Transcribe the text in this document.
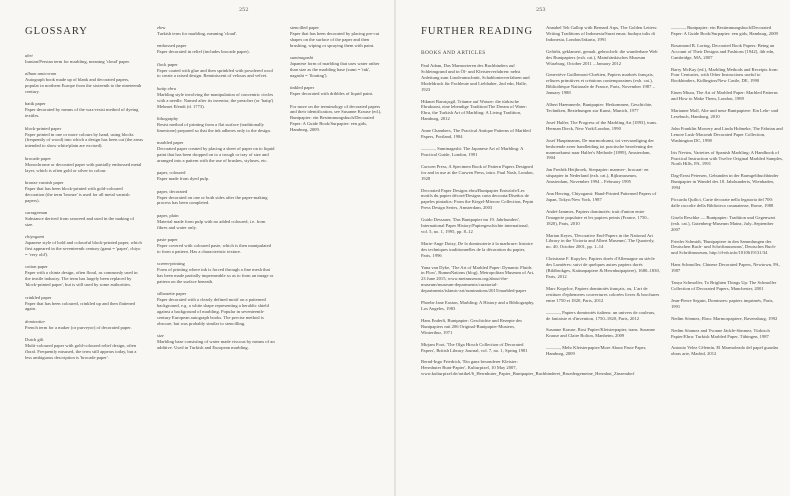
252
GLOSSARY
abri
Iranian/Persian term for marbling, meaning 'cloud' paper.
album amicorum
Autograph book made up of blank and decorated papers, popular in northern Europe from the sixteenth to the nineteenth century.
batik paper
Paper decorated by means of the wax-resist method of dyeing textiles.
block-printed paper
Paper printed in one or more colours by hand, using blocks (frequently of wood) into which a design has been cut (the areas intended to show white/plain are excised).
brocade paper
Monochrome or decorated paper with partially embossed metal layer, which is often gold or silver in colour.
bronze varnish paper
Paper that has been block-printed with gold-coloured decoration (the term 'bronze' is used for all metal varnish papers).
carrageenan
Substance derived from seaweed and used in the making of size.
chiyogami
Japanese style of bold and colourful block-printed paper, which first appeared in the seventeenth century (gami = 'paper', chiyo = 'very old').
cotton paper
Paper with a chintz design, often floral, as commonly used in the textile industry. The term has largely been replaced by 'block-printed paper', but is still used by some authorities.
crinkled paper
Paper that has been coloured, crinkled up and then flattened again.
dominotier
French term for a maker (or purveyor) of decorated paper.
Dutch gilt
Multi-coloured paper with gold-coloured relief design, often floral. Frequently misused, the term still appears today, but a less ambiguous description is 'brocade paper'.
ebru
Turkish term for marbling, meaning 'cloud'.
embossed paper
Paper decorated in relief (includes brocade paper).
flock paper
Paper coated with glue and then sprinkled with powdered wool to create a raised design. Reminiscent of velours and velvet.
hatip ebru
Marbling style involving the manipulation of concentric circles with a needle. Named after its inventor, the preacher (or 'hatip') Mehmet Efendi (d. 1773).
lithography
Resist method of printing from a flat surface (traditionally limestone) prepared so that the ink adheres only to the design.
marbled paper
Decorated paper created by placing a sheet of paper on to liquid paint that has been dropped on to a trough or tray of size and arranged into a pattern with the use of brushes, styluses, etc.
paper, coloured
Paper made from dyed pulp.
paper, decorated
Paper decorated on one or both sides after the paper-making process has been completed.
paper, plain
Material made from pulp with no added coloured, i.e. from fibres and water only.
paste paper
Paper covered with coloured paste, which is then manipulated to form a pattern. Has a characteristic texture.
screen-printing
Form of printing where ink is forced through a fine mesh that has been made partially impermeable so as to form an image or pattern on the surface beneath.
silhouette paper
Paper decorated with a clearly defined motif on a patterned background, e.g. a white shape representing a heraldic shield against a background of marbling. Popular in seventeenth-century European autograph books. The precise method is obscure, but was probably similar to stencilling.
size
Marbling base consisting of water made viscous by means of an additive. Used in Turkish and European marbling.
stencilled paper
Paper that has been decorated by placing pre-cut shapes on the surface of the paper and then brushing, wiping or spraying them with paint.
suminagashi
Japanese form of marbling that uses water rather than size as the marbling base (sumi = 'ink', nagashi = 'floating').
tinkled paper
Paper decorated with dribbles of liquid paint.
For more on the terminology of decorated papers and their identification, see Susanne Krause (ed.), Buntpapier: ein Bestimmungsbuch/Decorated Paper: A Guide Book/Surpapier: een gids, Hamburg, 2009.
253
FURTHER READING
BOOKS AND ARTICLES
Paul Adam, Das Marmorieren des Buchbinders auf Schleimgrund und in Öl- und Kleisterverfahren: nebst Anleitung zum Linoleumschnitt, Schablonierverfahren und Modeldruck für Fachleute und Liebhaber, 2nd edn, Halle, 1923
Hikmet Barutçugil, Träume auf Wasser: die türkische Ebrukunst, eine lebendige Tradition/The Dream of Water: Ebru, the Turkish Art of Marbling: A Living Tradition, Hamburg, 2012
Anne Chambers, The Practical Antique Patterns of Marbled Papers, Portland, 1984
———, Suminagashi: The Japanese Art of Marbling: A Practical Guide, London, 1991
Curwen Press, A Specimen Book of Pattern Papers Designed for and in use at the Curwen Press, intro. Paul Nash, London, 1928
Decorated Paper Designs ebru/Buntpapier Entwürfe/Les motifs du papier décoré/Designs carta decorata/Diseños de papeles pintados: From the Kiegel-Mierow Collection, Pepin Press Design Series, Amsterdam, 2003
Guido Dessauer, 'Das Buntpapier im 19. Jahrhundert', International Paper History/Papiergeschichte international, vol. 5, no. 1, 1995, pp. 8–12
Marie-Ange Doizy, De la dominoterie à la marbrure: histoire des techniques traditionnelles de la décoration du papier, Paris, 1996
Yana van Dyke, 'The Art of Marbled Paper: Dynamic Fluids in Flow', RummNations (blog), Metropolitan Museum of Art, 23 June 2015, www.metmuseum.org/about-the-museum/museum-departments/curatorial-departments/islamic-art/ruminations/2015/marbled-paper
Phoebe Jane Easton, Marbling: A History and a Bibliography, Los Angeles, 1983
Hans Enderli, Buntpapier: Geschichte und Rezepte des Buntpapiers mit 206 Original-Buntpapier-Mustern, Winterthur, 1971
Mirjam Foot, 'The Olga Hirsch Collection of Decorated Papers', British Library Journal, vol. 7, no. 1, Spring 1981
Bernd-Ingo Friedrich, 'Ein ganz besonderer Kleister: Herrnhuter Bunt-Papier', Kulturpixel, 10 May 2007, www.kulturpixel.de/artikel/6_Herrnhuter_Papier_Buntpapier_Buchbinderei_Bruedergemeine_Herrnhut_Zinzendorf
Annabel Teh Gallop with Bernard Arps, The Golden Letters: Writing Traditions of Indonesia/Surat emas: budaya tulis di Indonesia, London/Jakarta, 1991
Gefärbt, geklamert, gemalt, gebrochelt: die wunderbare Welt des Buntpapiers (exh. cat.), Mainfränkisches Museum Würzburg, October 2011 – January 2012
Geneviève Guillemont-Chrétien, Papiers marbrés français, reliures primitives et créations contemporaines (exh. cat.), Bibliothèque Nationale de France, Paris, November 1987 – January 1988
Albert Haemmerle, Buntpapier: Herkommen, Geschichte, Techniken, Beziehungen zur Kunst, Munich, 1977
Josef Halfer, The Progress of the Marbling Art [1893], trans. Herman Dieck, New York/London, 1990
Josef Hauptmanns, De marmorkunst, tot vervaardiging der beshoende zerer handleiding tot practische beoefening der marmorkunst naar Halfer's Methode [1899], Amsterdam, 1904
Jan Fredrik Heijbroek, Sierpapier: marmer-, brocaat- en sitspapier in Nederland (exh. cat.), Rijksmuseum, Amsterdam, November 1994 – February 1995
Ann Herring, Chiyogami: Hand-Printed Patterned Papers of Japan, Tokyo/New York, 1987
André Jammes, Papiers dominotés: trait d'union entre l'imagerie populaire et les papiers peints (France, 1750–1820), Paris, 2010
Marian Keyes, 'Decorative End-Papers in the National Art Library in the Victoria and Albert Museum', The Quarterly, no. 40, October 2001, pp. 1–14
Christiane F. Kopylov, Papiers dorés d'Allemagne au siècle des Lumières: suivi de quelques autres papiers dorés (Bildbrokges, Kattunpapiere & Herrnhutpapiere), 1680–1830, Paris, 2012
Marc Kopylov, Papiers dominotés français, ou, L'art de restituer d'ephemeres couvertures colorées livres & brochures entre 1750 et 1820, Paris, 2012
———, Papiers dominotés italiens: un univers de couleurs, de fantaisie et d'invention, 1750–1820, Paris, 2012
Susanne Krause, Rosi Papier/Kleisterpapier, trans. Susanne Krause and Claire Bolton, Manheim, 2009
———, Mehr Kleisterpapier/More About Paste Paper, Hamburg, 2009
———, Buntpapier: ein Bestimmungsbuch/Decorated Paper: A Guide Book/Surpapier: een gids, Hamburg, 2009
Rosamond B. Loring, Decorated Book Papers: Being an Account of Their Designs and Fashions [1942], 4th edn, Cambridge, MA, 2007
Barry McKay (ed.), Marbling Methods and Receipts from Four Centuries, with Other Instructions useful to Bookbinders, Kidlington/New Castle, DE, 1990
Einen Miura, The Art of Marbled Paper: Marbled Patterns and How to Make Them, London, 1989
Marianne Moll, Alte und neue Buntpapiere: Ein Lehr- und Lesebuch, Hamburg, 2010
John Franklin Mowery and Linda Hohneke, The Fabrian and Lenore Lusk-Macomb Decorated Paper Collection, Washington DC, 1998
Iris Nevins, Varieties of Spanish Marbling: A Handbook of Practical Instruction with Twelve Original Marbled Samples, North Hills, PA, 1991
Dag-Ernst Petersen, Gebunden in der Barmgeltbuchbinder Buntpapier in Wandel des 18. Jahrhunderts, Wienhaden, 1994
Piccarda Quilici, Carte decorate nella legatoria del 700: dalle raccolte della Biblioteca casanatense, Rome, 1988
Gisela Reschke — Buntpapier: Tradition und Gegenwart (exh. cat.), Gutenberg-Museum Mainz, July–September 2007
Frieder Schmidt, 'Buntpapiere in den Sammlungen des Deutschen Buch- und Schriftmuseums', Deutsches Buch- und Schriftmuseum, http://d-nb.info/1010619131/34
Hans Schmoller, Chinese Decorated Papers, Newtown, PA, 1987
Tanya Schmoller, To Brighten Things Up: The Schmoller Collection of Decorated Papers, Manchester, 2001
Jean-Pierre Seguin, Dominoes: papiers imprimés, Paris, 1991
Nedim Sönmez, Ebru: Marmorpapiere, Ravensburg, 1992
Nedim Sönmez and Yvonne Jäckle-Sönmez, Türkisch Papier/Ebru: Turkish Marbled Paper, Tübingen, 1987
Antonio Velez Célemín, El Marmoleado del papel guardas obras arte, Madrid, 2012
